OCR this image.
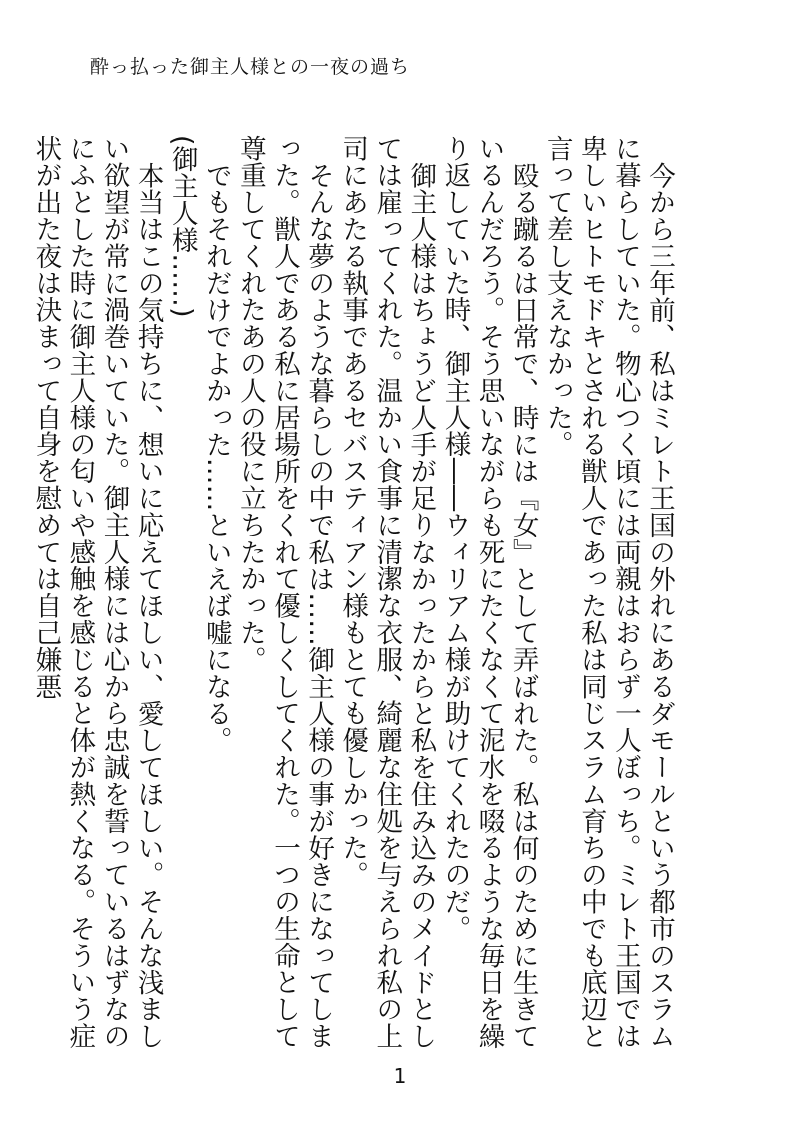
酔っ払った御主人様との一夜の過ち

今から三年前、私はミレト王国の外れにあるダモールという都市のスラムに暮らしていた。物心つく頃には両親はおらず一人ぼっち。ミレト王国では卑しいヒトモドキとされる獣人であった私は同じスラム育ちの中でも底辺と言って差し支えなかった。

殴る蹴るは日常で、時には『女』として弄ばれた。私は何のために生きているんだろう。そう思いながらも死にたくなくて泥水を啜るような毎日を繰り返していた時、御主人様――ウィリアム様が助けてくれたのだ。

御主人様はちょうど人手が足りなかったからと私を住み込みのメイドとしては雇ってくれた。温かい食事に清潔な衣服、綺麗な住処を与えられ私の上司にあたる執事であるセバスティアン様もとても優しかった。

そんな夢のような暮らしの中で私は……御主人様の事が好きになってしまった。獣人である私に居場所をくれて優しくしてくれた。一つの生命として尊重してくれたあの人の役に立ちたかった。

でもそれだけでよかった……といえば嘘になる。

(御主人様……)

本当はこの気持ちに、想いに応えてほしい、愛してほしい。そんな浅ましい欲望が常に渦巻いていた。御主人様には心から忠誠を誓っているはずなのにふとした時に御主人様の匂いや感触を感じると体が熱くなる。そういう症状が出た夜は決まって自身を慰めては自己嫌悪

1
